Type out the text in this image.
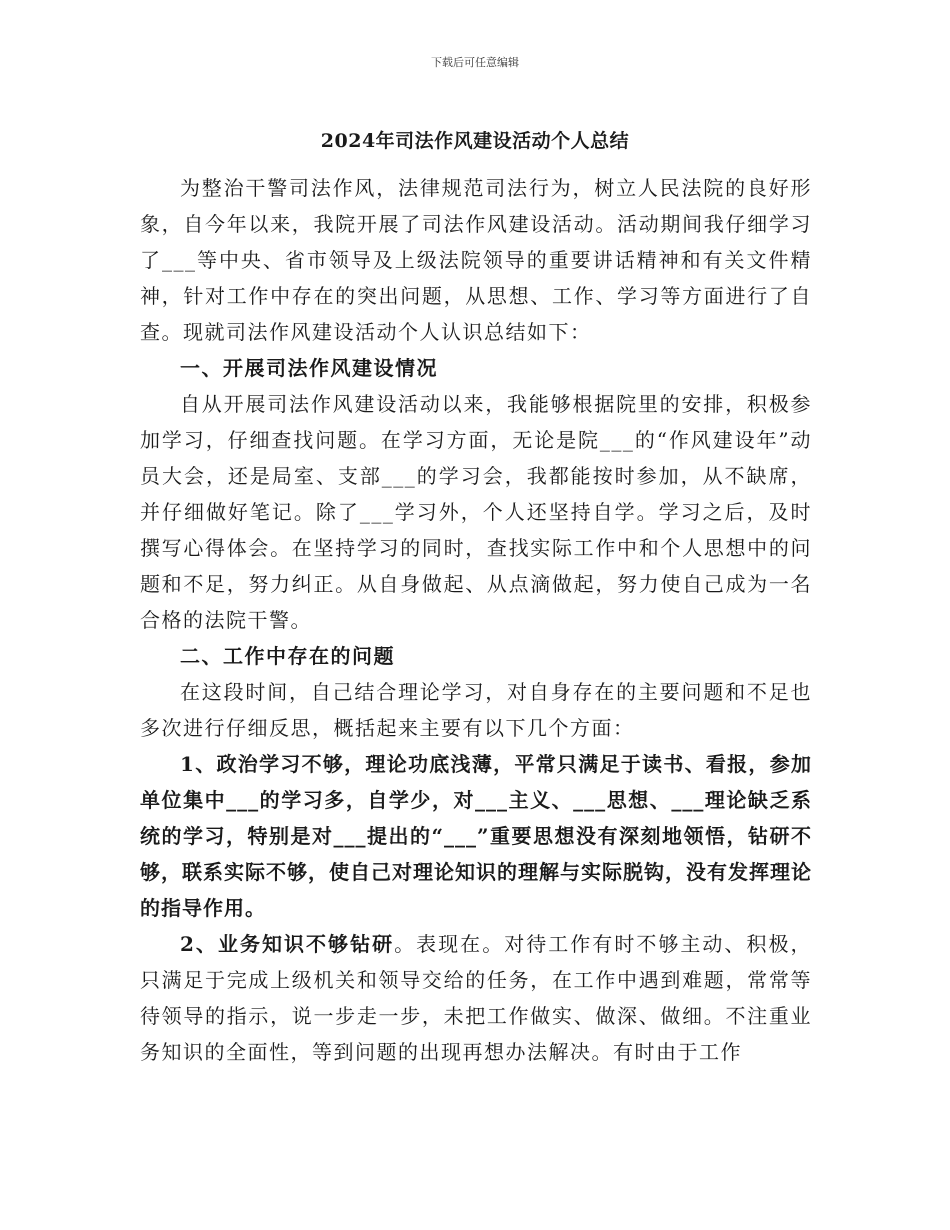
下载后可任意编辑
2024年司法作风建设活动个人总结

为整治干警司法作风，法律规范司法行为，树立人民法院的良好形象，自今年以来，我院开展了司法作风建设活动。活动期间我仔细学习了___等中央、省市领导及上级法院领导的重要讲话精神和有关文件精神，针对工作中存在的突出问题，从思想、工作、学习等方面进行了自查。现就司法作风建设活动个人认识总结如下：

一、开展司法作风建设情况

自从开展司法作风建设活动以来，我能够根据院里的安排，积极参加学习，仔细查找问题。在学习方面，无论是院___的“作风建设年”动员大会，还是局室、支部___的学习会，我都能按时参加，从不缺席，并仔细做好笔记。除了___学习外，个人还坚持自学。学习之后，及时撰写心得体会。在坚持学习的同时，查找实际工作中和个人思想中的问题和不足，努力纠正。从自身做起、从点滴做起，努力使自己成为一名合格的法院干警。

二、工作中存在的问题

在这段时间，自己结合理论学习，对自身存在的主要问题和不足也多次进行仔细反思，概括起来主要有以下几个方面：

1、政治学习不够，理论功底浅薄，平常只满足于读书、看报，参加单位集中___的学习多，自学少，对___主义、___思想、___理论缺乏系统的学习，特别是对___提出的“___”重要思想没有深刻地领悟，钻研不够，联系实际不够，使自己对理论知识的理解与实际脱钩，没有发挥理论的指导作用。

2、业务知识不够钻研。表现在。对待工作有时不够主动、积极，只满足于完成上级机关和领导交给的任务，在工作中遇到难题，常常等待领导的指示，说一步走一步，未把工作做实、做深、做细。不注重业务知识的全面性，等到问题的出现再想办法解决。有时由于工作
